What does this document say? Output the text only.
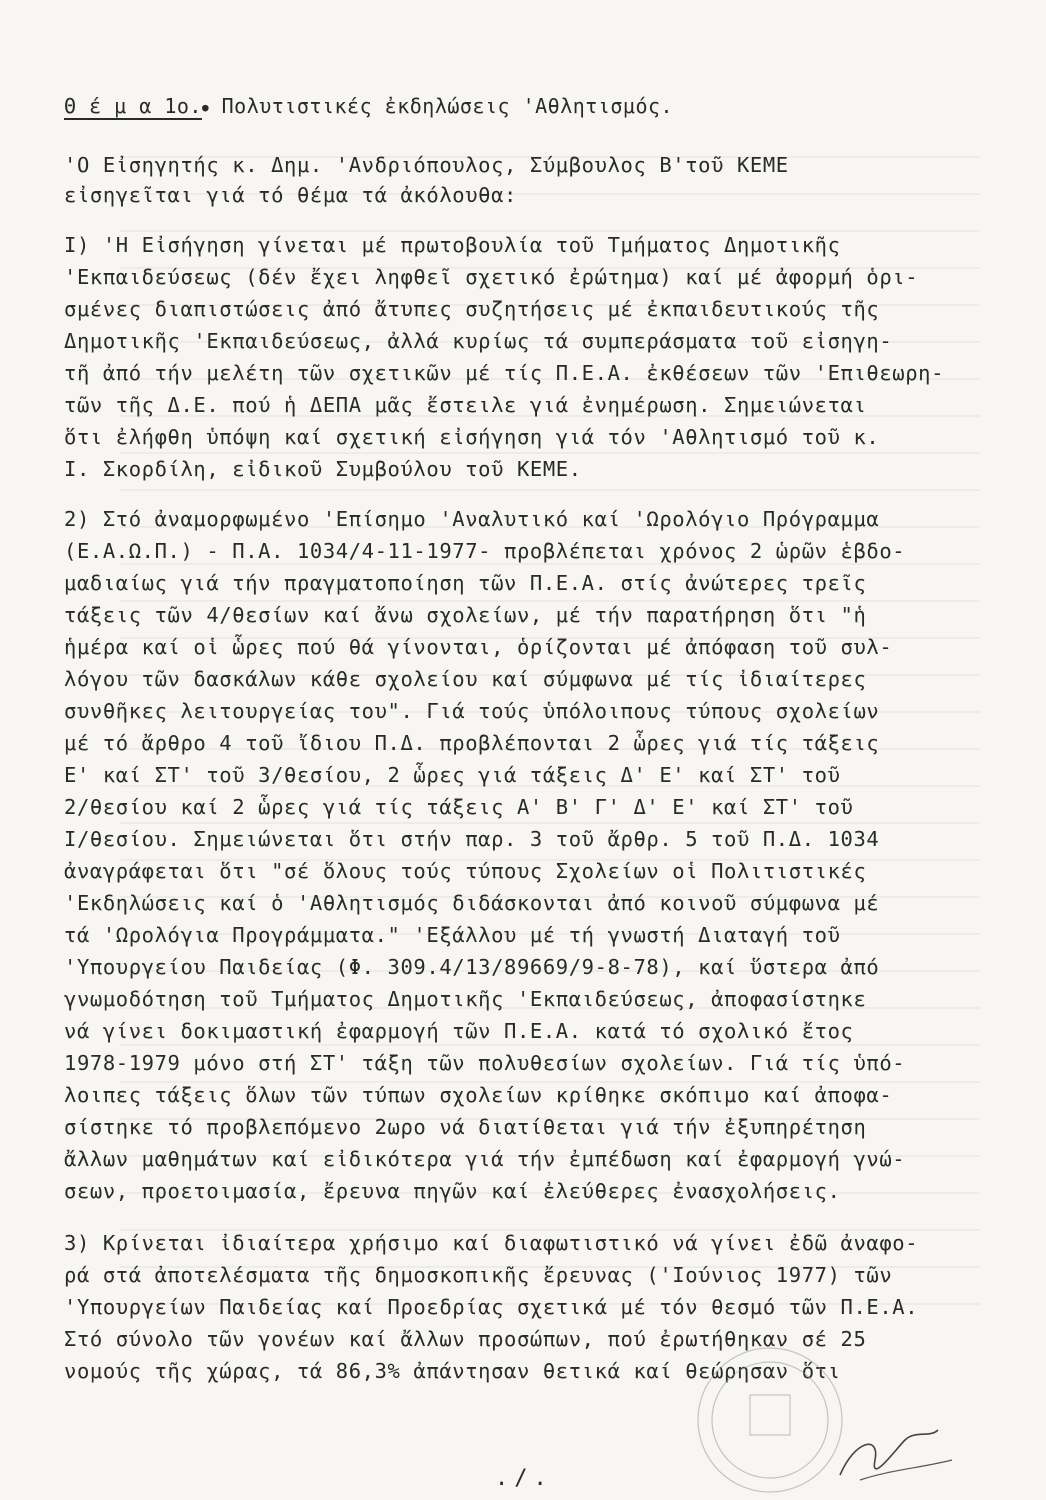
Θ έ μ α 1ο.● Πολυτιστικές ἐκδηλώσεις 'Αθλητισμός.
'Ο Εἰσηγητής κ. Δημ. 'Ανδριόπουλος, Σύμβουλος Β'τοῦ ΚΕΜΕ
εἰσηγεῖται γιά τό θέμα τά ἀκόλουθα:
Ι) 'Η Εἰσήγηση γίνεται μέ πρωτοβουλία τοῦ Τμήματος Δημοτικῆς
'Εκπαιδεύσεως (δέν ἔχει ληφθεῖ σχετικό ἐρώτημα) καί μέ ἀφορμή ὁρι-
σμένες διαπιστώσεις ἀπό ἄτυπες συζητήσεις μέ ἐκπαιδευτικούς τῆς
Δημοτικῆς 'Εκπαιδεύσεως, ἀλλά κυρίως τά συμπεράσματα τοῦ εἰσηγη-
τῆ ἀπό τήν μελέτη τῶν σχετικῶν μέ τίς Π.Ε.Α. ἐκθέσεων τῶν 'Επιθεωρη-
τῶν τῆς Δ.Ε. πού ἡ ΔΕΠΑ μᾶς ἔστειλε γιά ἐνημέρωση. Σημειώνεται
ὅτι ἐλήφθη ὑπόψη καί σχετική εἰσήγηση γιά τόν 'Αθλητισμό τοῦ κ.
Ι. Σκορδίλη, εἰδικοῦ Συμβούλου τοῦ ΚΕΜΕ.
2) Στό ἀναμορφωμένο 'Επίσημο 'Αναλυτικό καί 'Ωρολόγιο Πρόγραμμα
(Ε.Α.Ω.Π.) - Π.Α. 1034/4-11-1977- προβλέπεται χρόνος 2 ὡρῶν ἑβδο-
μαδιαίως γιά τήν πραγματοποίηση τῶν Π.Ε.Α. στίς ἀνώτερες τρεῖς
τάξεις τῶν 4/θεσίων καί ἄνω σχολείων, μέ τήν παρατήρηση ὅτι "ἡ
ἡμέρα καί οἱ ὧρες πού θά γίνονται, ὁρίζονται μέ ἀπόφαση τοῦ συλ-
λόγου τῶν δασκάλων κάθε σχολείου καί σύμφωνα μέ τίς ἰδιαίτερες
συνθῆκες λειτουργείας του". Γιά τούς ὑπόλοιπους τύπους σχολείων
μέ τό ἄρθρο 4 τοῦ ἴδιου Π.Δ. προβλέπονται 2 ὧρες γιά τίς τάξεις
Ε' καί ΣΤ' τοῦ 3/θεσίου, 2 ὧρες γιά τάξεις Δ' Ε' καί ΣΤ' τοῦ
2/θεσίου καί 2 ὧρες γιά τίς τάξεις Α' Β' Γ' Δ' Ε' καί ΣΤ' τοῦ
Ι/θεσίου. Σημειώνεται ὅτι στήν παρ. 3 τοῦ ἄρθρ. 5 τοῦ Π.Δ. 1034
ἀναγράφεται ὅτι "σέ ὅλους τούς τύπους Σχολείων οἱ Πολιτιστικές
'Εκδηλώσεις καί ὁ 'Αθλητισμός διδάσκονται ἀπό κοινοῦ σύμφωνα μέ
τά 'Ωρολόγια Προγράμματα." 'Εξάλλου μέ τή γνωστή Διαταγή τοῦ
'Υπουργείου Παιδείας (Φ. 309.4/13/89669/9-8-78), καί ὕστερα ἀπό
γνωμοδότηση τοῦ Τμήματος Δημοτικῆς 'Εκπαιδεύσεως, ἀποφασίστηκε
νά γίνει δοκιμαστική ἐφαρμογή τῶν Π.Ε.Α. κατά τό σχολικό ἔτος
1978-1979 μόνο στή ΣΤ' τάξη τῶν πολυθεσίων σχολείων. Γιά τίς ὑπό-
λοιπες τάξεις ὅλων τῶν τύπων σχολείων κρίθηκε σκόπιμο καί ἀποφα-
σίστηκε τό προβλεπόμενο 2ωρο νά διατίθεται γιά τήν ἐξυπηρέτηση
ἄλλων μαθημάτων καί εἰδικότερα γιά τήν ἐμπέδωση καί ἐφαρμογή γνώ-
σεων, προετοιμασία, ἔρευνα πηγῶν καί ἐλεύθερες ἐνασχολήσεις.
3) Κρίνεται ἰδιαίτερα χρήσιμο καί διαφωτιστικό νά γίνει ἐδῶ ἀναφο-
ρά στά ἀποτελέσματα τῆς δημοσκοπικῆς ἔρευνας ('Ιούνιος 1977) τῶν
'Υπουργείων Παιδείας καί Προεδρίας σχετικά μέ τόν θεσμό τῶν Π.Ε.Α.
Στό σύνολο τῶν γονέων καί ἄλλων προσώπων, πού ἐρωτήθηκαν σέ 25
νομούς τῆς χώρας, τά 86,3% ἀπάντησαν θετικά καί θεώρησαν ὅτι
./.
